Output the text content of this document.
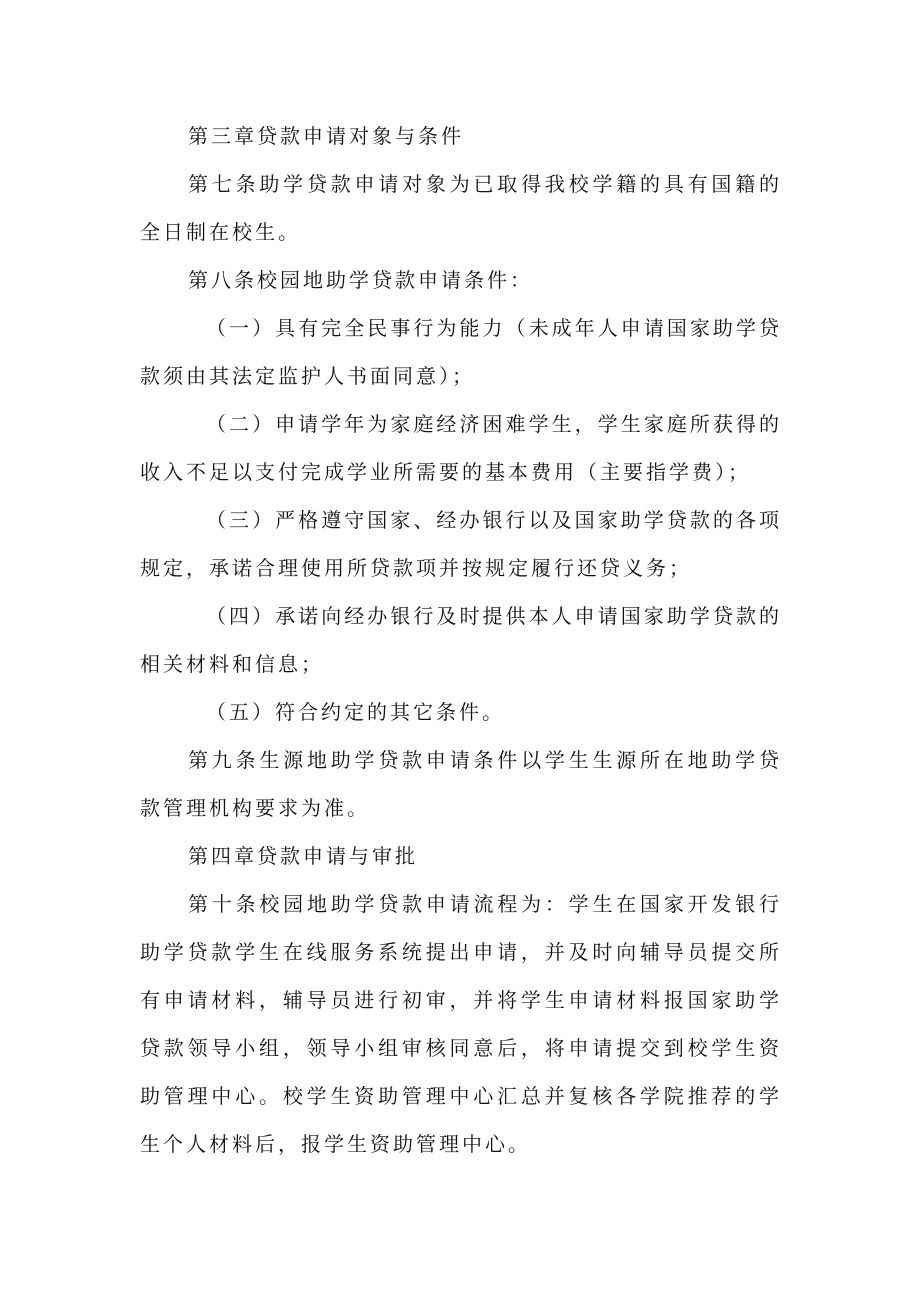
第三章贷款申请对象与条件

第七条助学贷款申请对象为已取得我校学籍的具有国籍的全日制在校生。

第八条校园地助学贷款申请条件：

（一）具有完全民事行为能力（未成年人申请国家助学贷款须由其法定监护人书面同意）；

（二）申请学年为家庭经济困难学生，学生家庭所获得的收入不足以支付完成学业所需要的基本费用（主要指学费）；

（三）严格遵守国家、经办银行以及国家助学贷款的各项规定，承诺合理使用所贷款项并按规定履行还贷义务；

（四）承诺向经办银行及时提供本人申请国家助学贷款的相关材料和信息；

（五）符合约定的其它条件。

第九条生源地助学贷款申请条件以学生生源所在地助学贷款管理机构要求为准。

第四章贷款申请与审批

第十条校园地助学贷款申请流程为：学生在国家开发银行助学贷款学生在线服务系统提出申请，并及时向辅导员提交所有申请材料，辅导员进行初审，并将学生申请材料报国家助学贷款领导小组，领导小组审核同意后，将申请提交到校学生资助管理中心。校学生资助管理中心汇总并复核各学院推荐的学生个人材料后，报学生资助管理中心。
